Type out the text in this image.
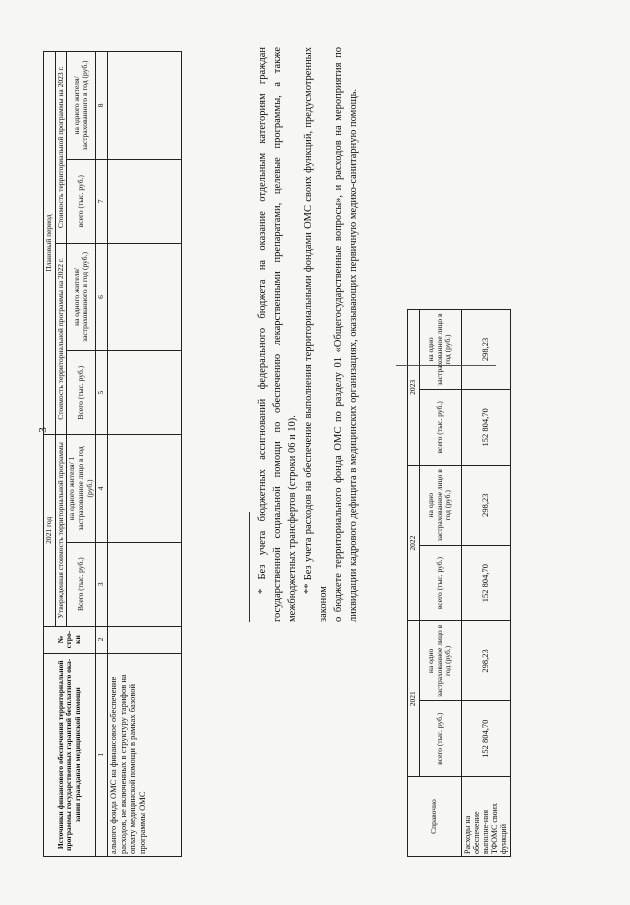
3
Источники финансового обеспечения территориальной программы государственных гарантий бесплатного ока-зания гражданам медицинской помощи	№ стро-ки	2021 год		Плановый период			
		Утвержденная стоимость территориальной программы		Стоимость территориальной программы на 2022 г.		Стоимость территориальной программы на 2023 г.	
		Всего (тыс. руб.)	на одного жителя/ 1 застрахованное лицо в год (руб.)	Всего (тыс. руб.)	на одного жителя/ застрахованного в год (руб.)	всего (тыс. руб.)	на одного жителя/ застрахованного в год (руб.)
1	2	3	4	5	6	7	8
ального фонда ОМС на финансовое обеспечение расходов, не включенных в структуру тарифов на оплату медицинской помощи в рамках базовой программы ОМС							

* Без учета бюджетных ассигнований федерального бюджета на оказание отдельным категориям граждан государственной социальной помощи по обеспечению лекарственными препаратами, целевые программы, а также межбюджетных трансфертов (строки 06 и 10). ** Без учета расходов на обеспечение выполнения территориальными фондами ОМС своих функций, предусмотренных законом о бюджете территориального фонда ОМС по разделу 01 «Общегосударственные вопросы», и расходов на мероприятия по ликвидации кадрового дефицита в медицинских организациях, оказывающих первичную медико-санитарную помощь.

Справочно	2021		2022		2023	
	всего (тыс. руб.)	на одно застрахованное лицо в год (руб.)	всего (тыс. руб.)	на одно застрахованное лицо в год (руб.)	всего (тыс. руб.)	на одно застрахованное лицо в год (руб.)
Расходы на обеспечение выполне-ния ТФОМС своих функций	152 804,70	298,23	152 804,70	298,23	152 804,70	298,23
